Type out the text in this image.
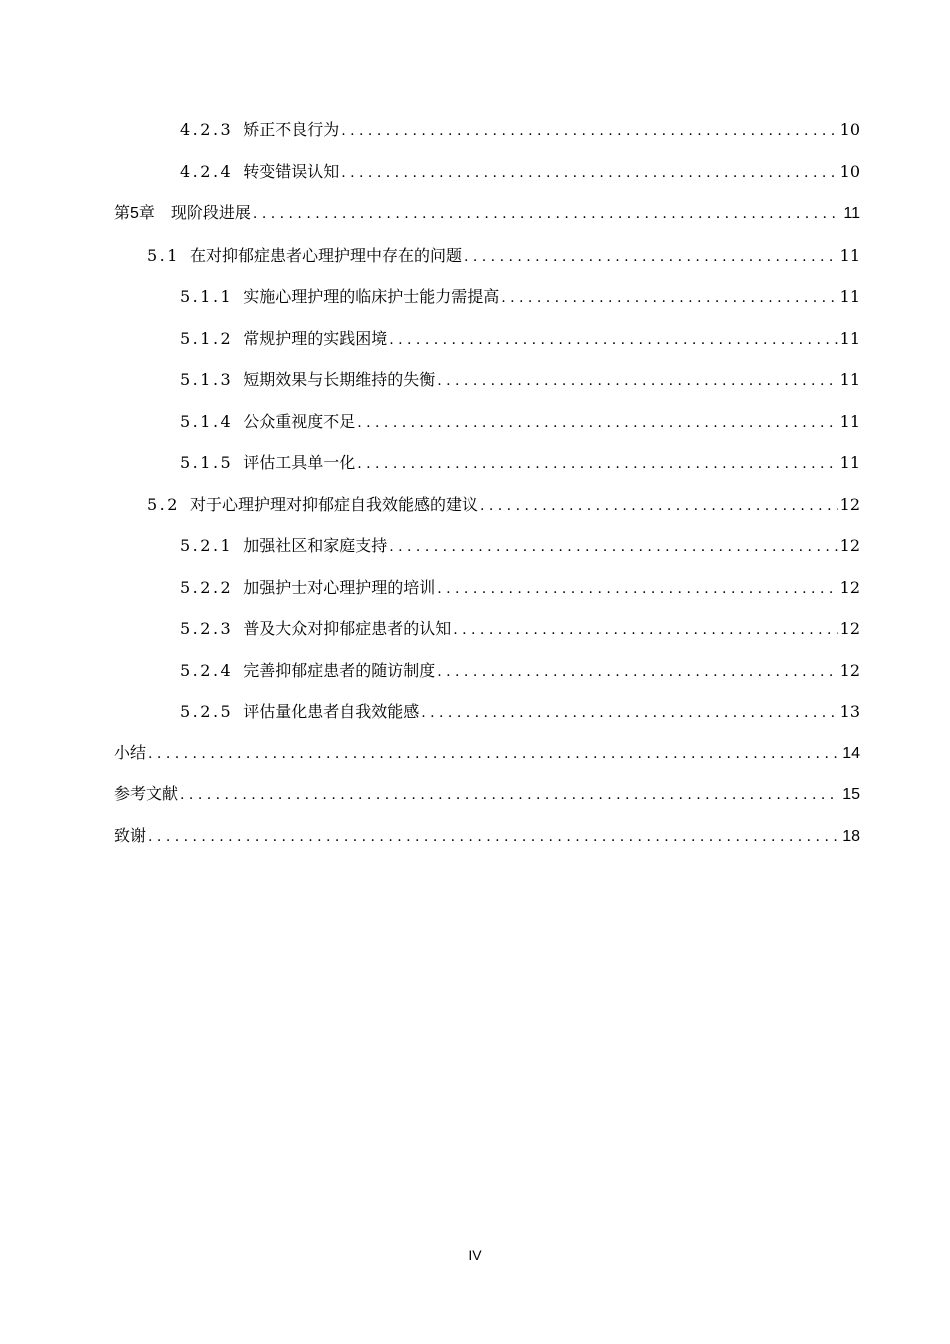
4.2.3 矫正不良行为 . . .	10
4.2.4 转变错误认知 . . .	10
第5章 现阶段进展 . . .	11
5.1 在对抑郁症患者心理护理中存在的问题 . . .	11
5.1.1 实施心理护理的临床护士能力需提高 . . .	11
5.1.2 常规护理的实践困境 . . .	11
5.1.3 短期效果与长期维持的失衡 . . .	11
5.1.4 公众重视度不足 . . .	11
5.1.5 评估工具单一化 . . .	11
5.2 对于心理护理对抑郁症自我效能感的建议 . . .	12
5.2.1 加强社区和家庭支持 . . .	12
5.2.2 加强护士对心理护理的培训 . . .	12
5.2.3 普及大众对抑郁症患者的认知 . . .	12
5.2.4 完善抑郁症患者的随访制度 . . .	12
5.2.5 评估量化患者自我效能感 . . .	13
小结 . . .	14
参考文献 . . .	15
致谢 . . .	18
IV
